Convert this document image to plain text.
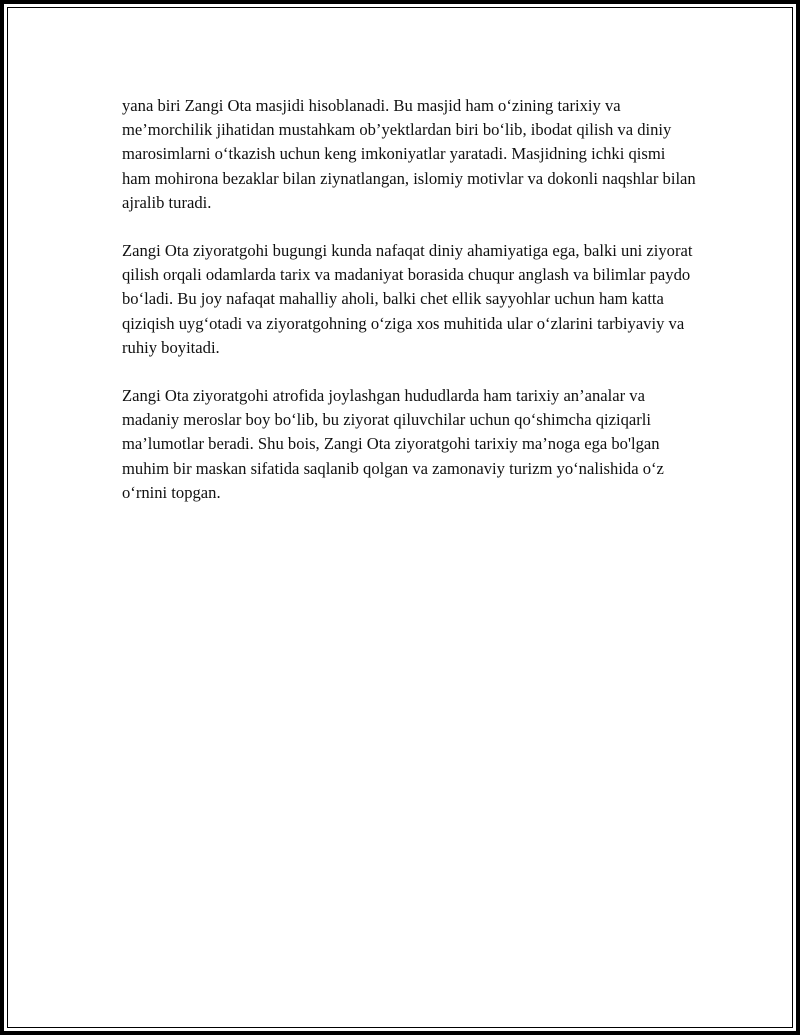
yana biri Zangi Ota masjidi hisoblanadi. Bu masjid ham o‘zining tarixiy va me’morchilik jihatidan mustahkam ob’yektlardan biri bo‘lib, ibodat qilish va diniy marosimlarni o‘tkazish uchun keng imkoniyatlar yaratadi. Masjidning ichki qismi ham mohirona bezaklar bilan ziynatlangan, islomiy motivlar va dokonli naqshlar bilan ajralib turadi.

Zangi Ota ziyoratgohi bugungi kunda nafaqat diniy ahamiyatiga ega, balki uni ziyorat qilish orqali odamlarda tarix va madaniyat borasida chuqur anglash va bilimlar paydo bo‘ladi. Bu joy nafaqat mahalliy aholi, balki chet ellik sayyohlar uchun ham katta qiziqish uyg‘otadi va ziyoratgohning o‘ziga xos muhitida ular o‘zlarini tarbiyaviy va ruhiy boyitadi.

Zangi Ota ziyoratgohi atrofida joylashgan hududlarda ham tarixiy an’analar va madaniy meroslar boy bo‘lib, bu ziyorat qiluvchilar uchun qo‘shimcha qiziqarli ma’lumotlar beradi. Shu bois, Zangi Ota ziyoratgohi tarixiy ma’noga ega bo'lgan muhim bir maskan sifatida saqlanib qolgan va zamonaviy turizm yo‘nalishida o‘z o‘rnini topgan.
